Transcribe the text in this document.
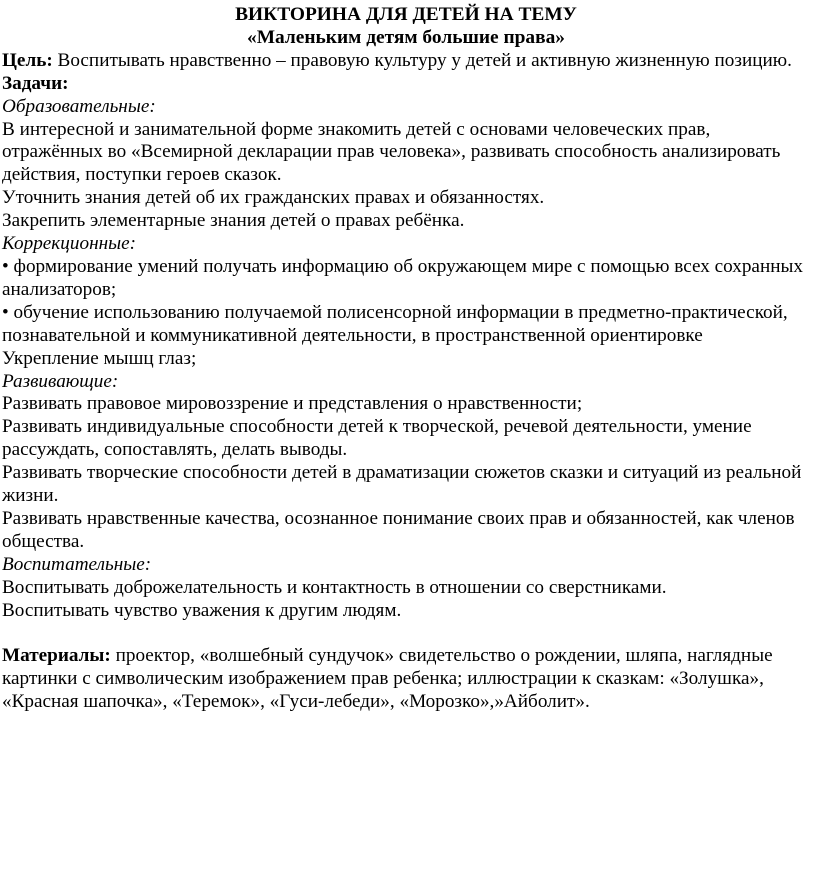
ВИКТОРИНА ДЛЯ ДЕТЕЙ НА ТЕМУ

«Маленьким детям большие права»

Цель: Воспитывать нравственно – правовую культуру у детей и активную жизненную позицию.

Задачи:

Образовательные:

В интересной и занимательной форме знакомить детей с основами человеческих прав, отражённых во «Всемирной декларации прав человека», развивать способность анализировать действия, поступки героев сказок.

Уточнить знания детей об их гражданских правах и обязанностях.

Закрепить элементарные знания детей о правах ребёнка.

Коррекционные:

• формирование умений получать информацию об окружающем мире с помощью всех сохранных анализаторов;

• обучение использованию получаемой полисенсорной информации в предметно-практической, познавательной и коммуникативной деятельности, в пространственной ориентировке

Укрепление мышц глаз;

Развивающие:

Развивать правовое мировоззрение и представления о нравственности;

Развивать индивидуальные способности детей к творческой, речевой деятельности, умение рассуждать, сопоставлять, делать выводы.

Развивать творческие способности детей в драматизации сюжетов сказки и ситуаций из реальной жизни.

Развивать нравственные качества, осознанное понимание своих прав и обязанностей, как членов общества.

Воспитательные:

Воспитывать доброжелательность и контактность в отношении со сверстниками.

Воспитывать чувство уважения к другим людям.

Материалы: проектор, «волшебный сундучок» свидетельство о рождении, шляпа, наглядные картинки с символическим изображением прав ребенка; иллюстрации к сказкам: «Золушка», «Красная шапочка», «Теремок», «Гуси-лебеди», «Морозко»,»Айболит».
